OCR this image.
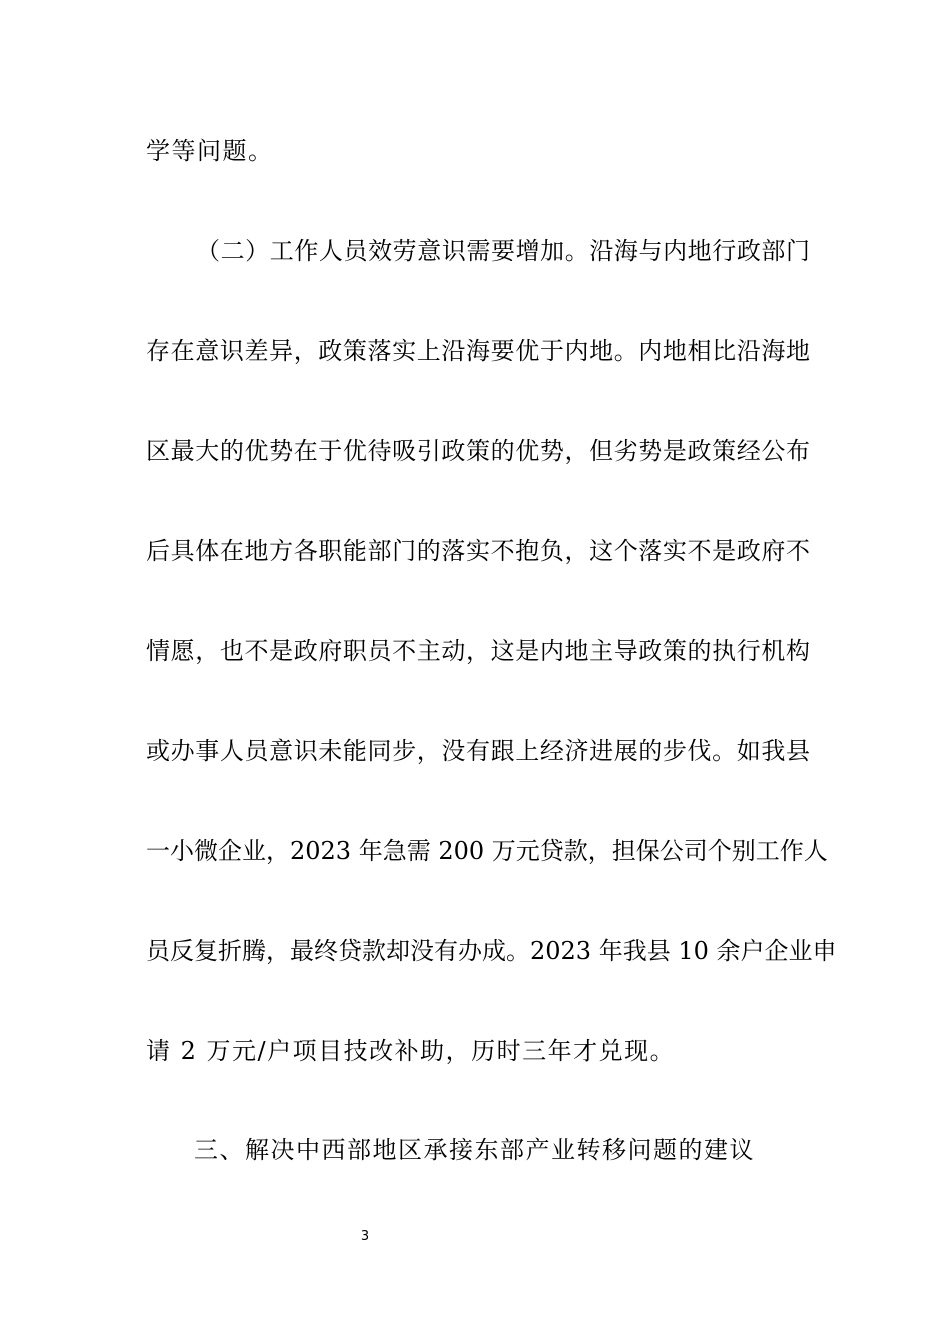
学等问题。
（二）工作人员效劳意识需要增加。沿海与内地行政部门
存在意识差异，政策落实上沿海要优于内地。内地相比沿海地
区最大的优势在于优待吸引政策的优势，但劣势是政策经公布
后具体在地方各职能部门的落实不抱负，这个落实不是政府不
情愿，也不是政府职员不主动，这是内地主导政策的执行机构
或办事人员意识未能同步，没有跟上经济进展的步伐。如我县
一小微企业，2023 年急需 200 万元贷款，担保公司个别工作人
员反复折腾，最终贷款却没有办成。2023 年我县 10 余户企业申
请 2 万元/户项目技改补助，历时三年才兑现。
三、解决中西部地区承接东部产业转移问题的建议
3
